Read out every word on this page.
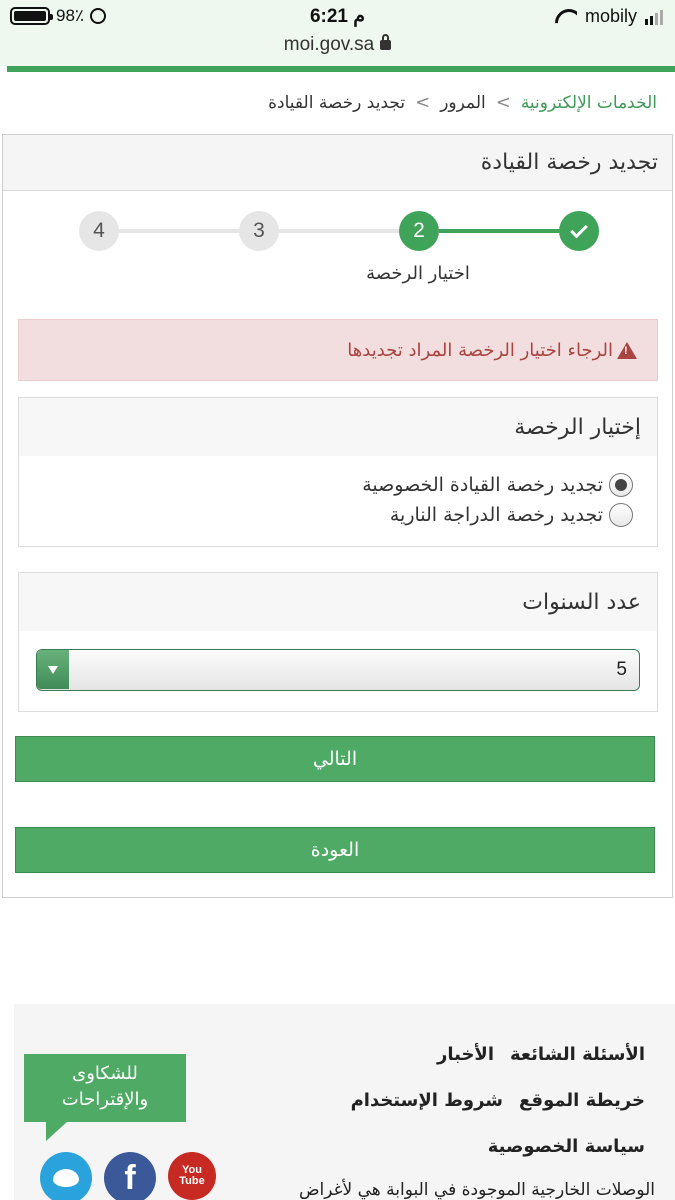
98٪	6:21 م	mobily
moi.gov.sa
الخدمات الإلكترونية
>
المرور
>
تجديد رخصة القيادة
تجديد رخصة القيادة
4	3	2
اختيار الرخصة
!
الرجاء اختيار الرخصة المراد تجديدها
إختيار الرخصة
تجديد رخصة القيادة الخصوصية
تجديد رخصة الدراجة النارية
عدد السنوات
5
التالي
العودة
الأسئلة الشائعة
الأخبار
خريطة الموقع
شروط الإستخدام
سياسة الخصوصية
الوصلات الخارجية الموجودة في البوابة هي لأغراض
للشكاوى
والإقتراحات
f	You
Tube
